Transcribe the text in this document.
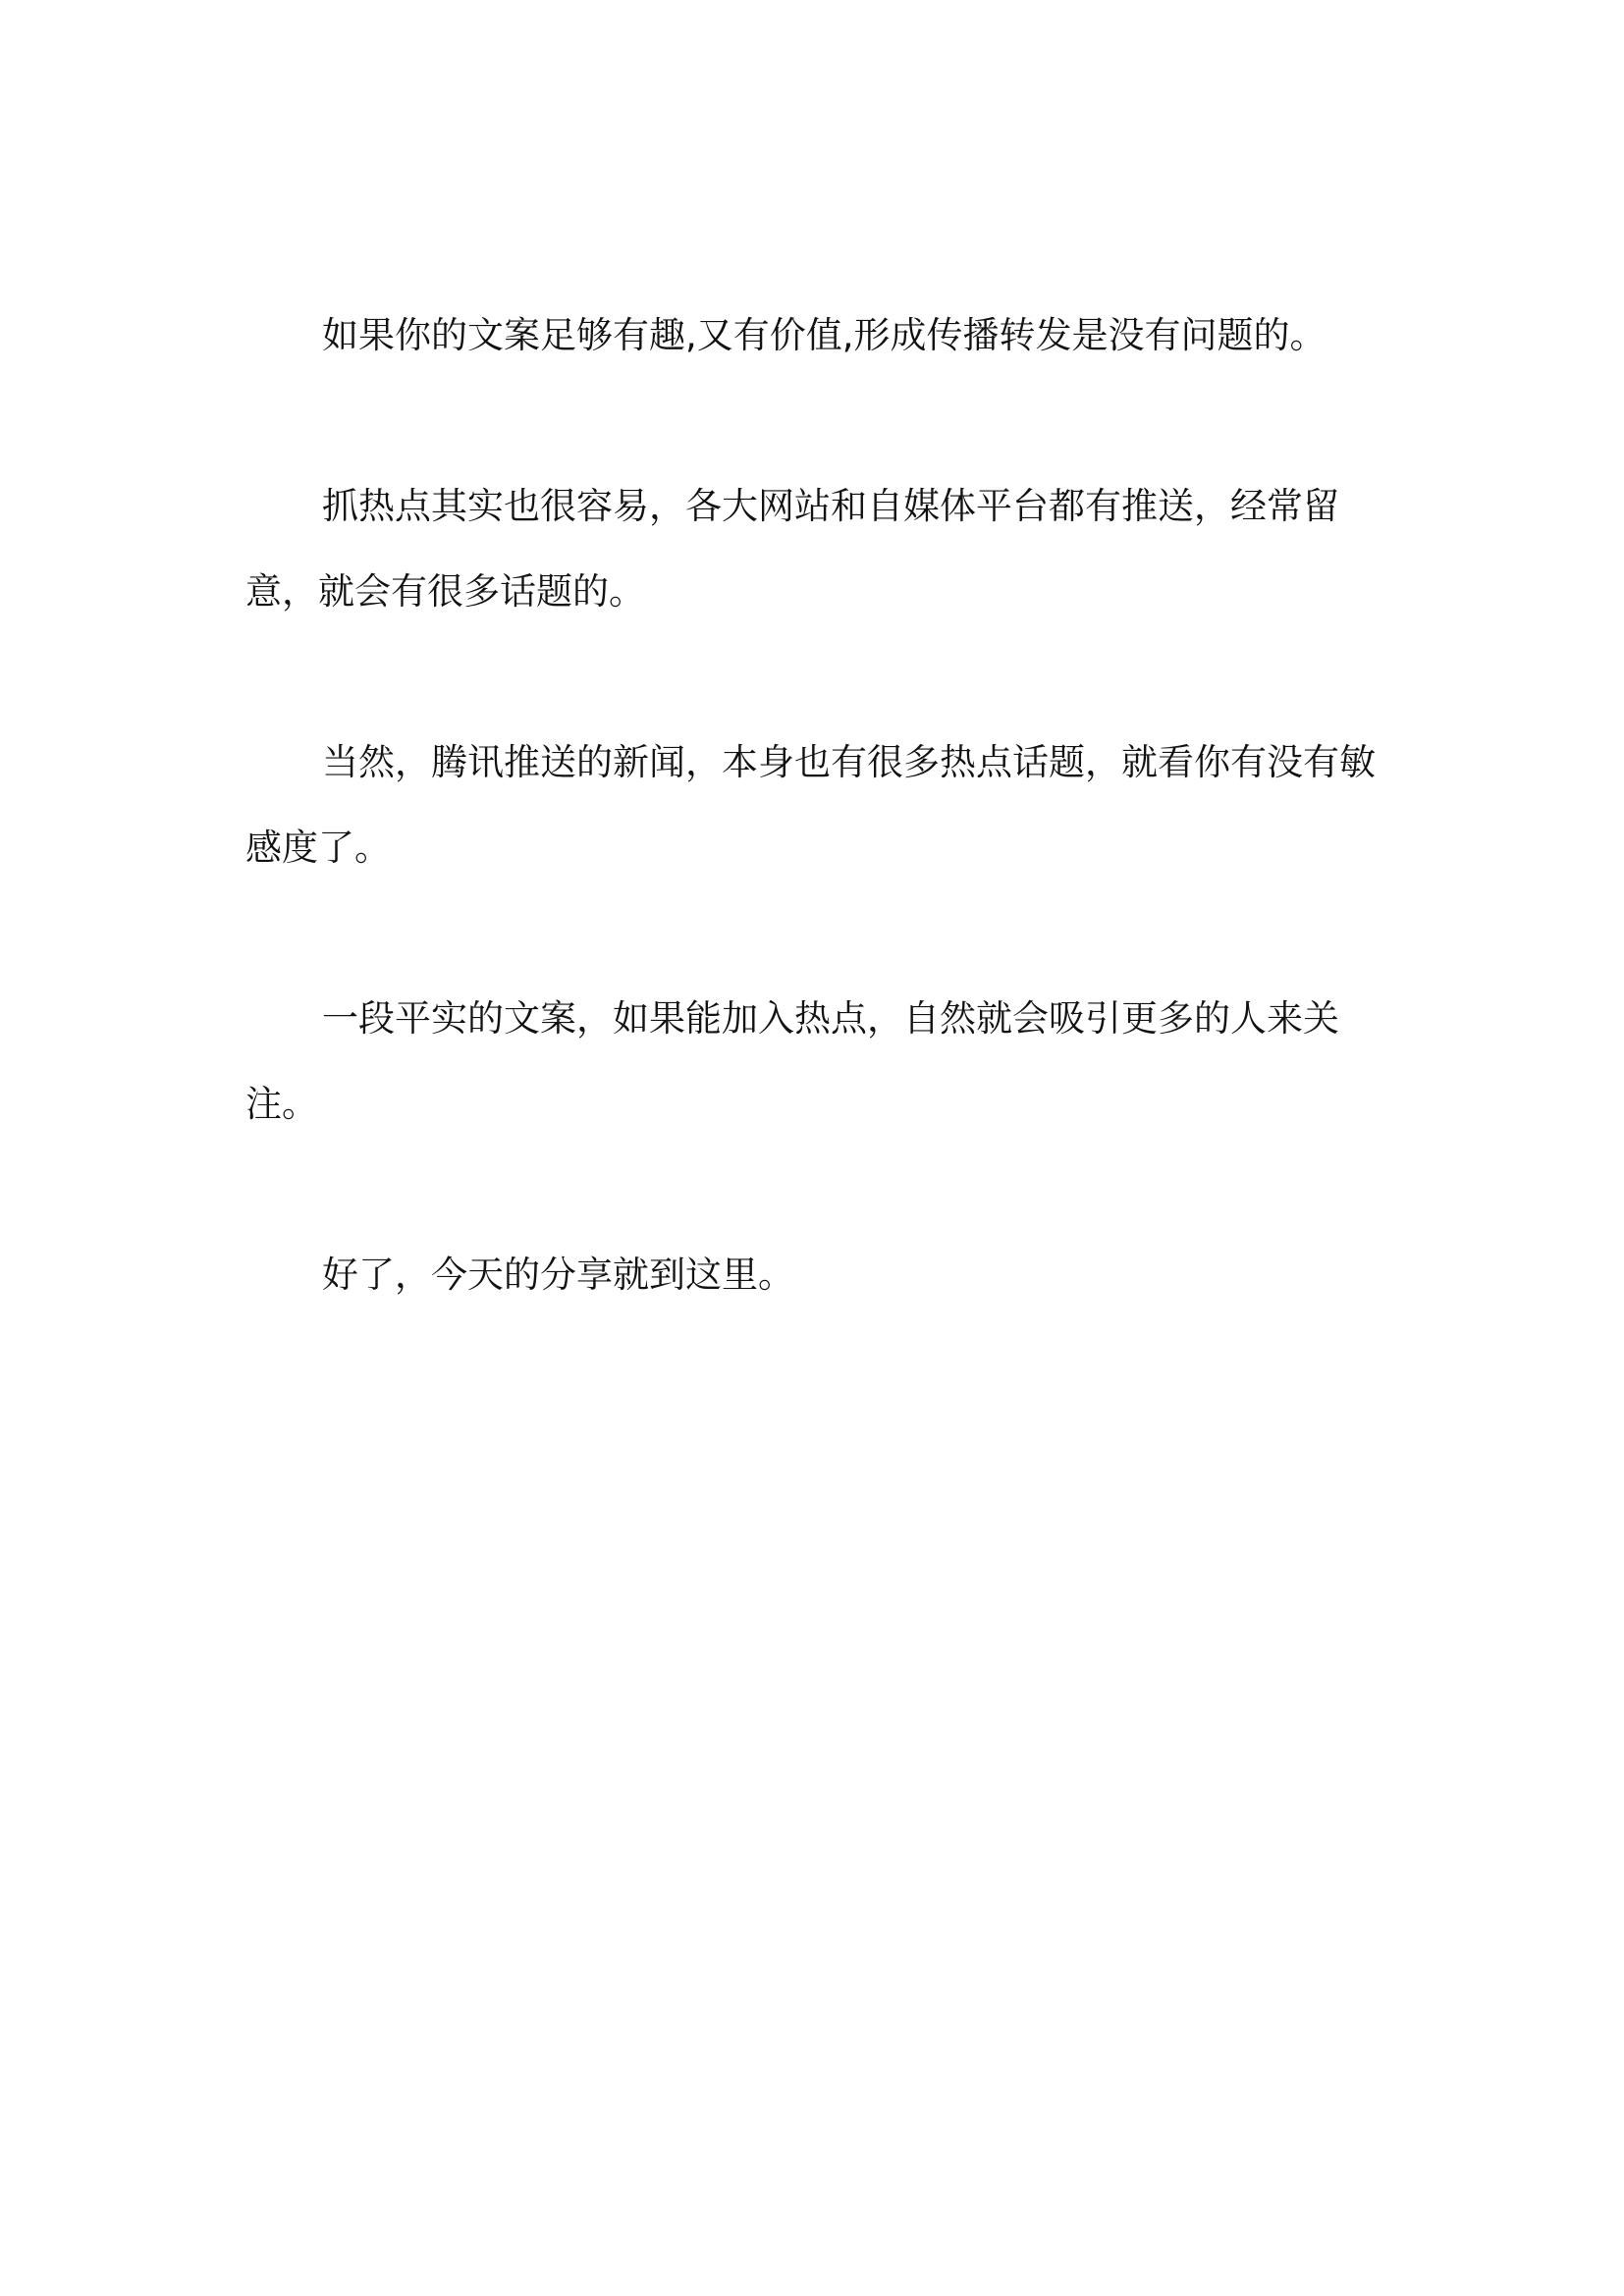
如果你的文案足够有趣,又有价值,形成传播转发是没有问题的。

抓热点其实也很容易，各大网站和自媒体平台都有推送，经常留意，就会有很多话题的。

当然，腾讯推送的新闻，本身也有很多热点话题，就看你有没有敏感度了。

一段平实的文案，如果能加入热点，自然就会吸引更多的人来关注。

好了，今天的分享就到这里。
